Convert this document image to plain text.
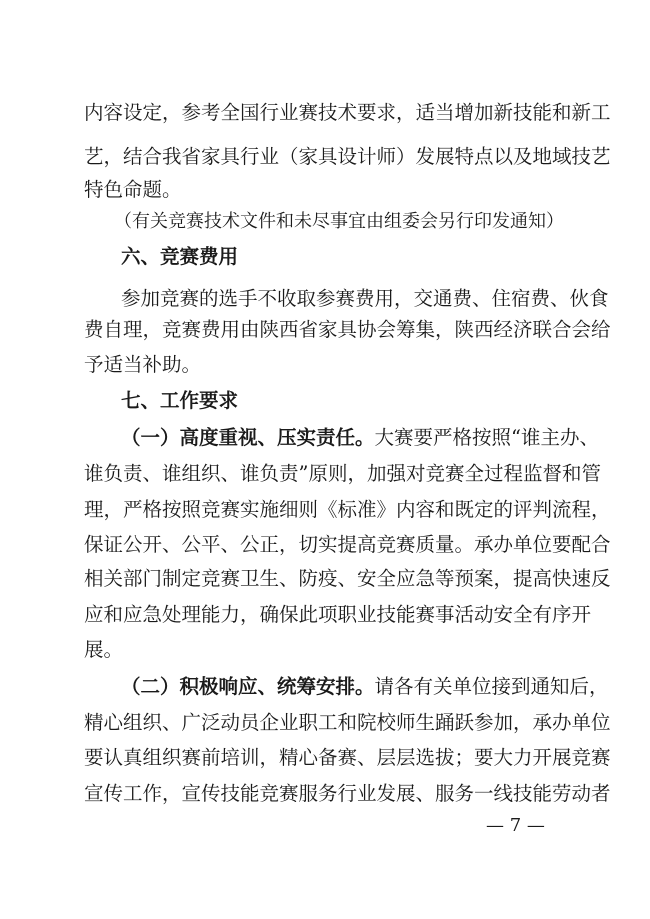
内容设定，参考全国行业赛技术要求，适当增加新技能和新工
艺，结合我省家具行业（家具设计师）发展特点以及地域技艺
特色命题。
（有关竞赛技术文件和未尽事宜由组委会另行印发通知）
六、竞赛费用
参加竞赛的选手不收取参赛费用，交通费、住宿费、伙食
费自理，竞赛费用由陕西省家具协会筹集，陕西经济联合会给
予适当补助。
七、工作要求
（一）高度重视、压实责任。大赛要严格按照“谁主办、
谁负责、谁组织、谁负责”原则，加强对竞赛全过程监督和管
理，严格按照竞赛实施细则《标准》内容和既定的评判流程，
保证公开、公平、公正，切实提高竞赛质量。承办单位要配合
相关部门制定竞赛卫生、防疫、安全应急等预案，提高快速反
应和应急处理能力，确保此项职业技能赛事活动安全有序开
展。
（二）积极响应、统筹安排。请各有关单位接到通知后，
精心组织、广泛动员企业职工和院校师生踊跃参加，承办单位
要认真组织赛前培训，精心备赛、层层选拔；要大力开展竞赛
宣传工作，宣传技能竞赛服务行业发展、服务一线技能劳动者
— 7 —
